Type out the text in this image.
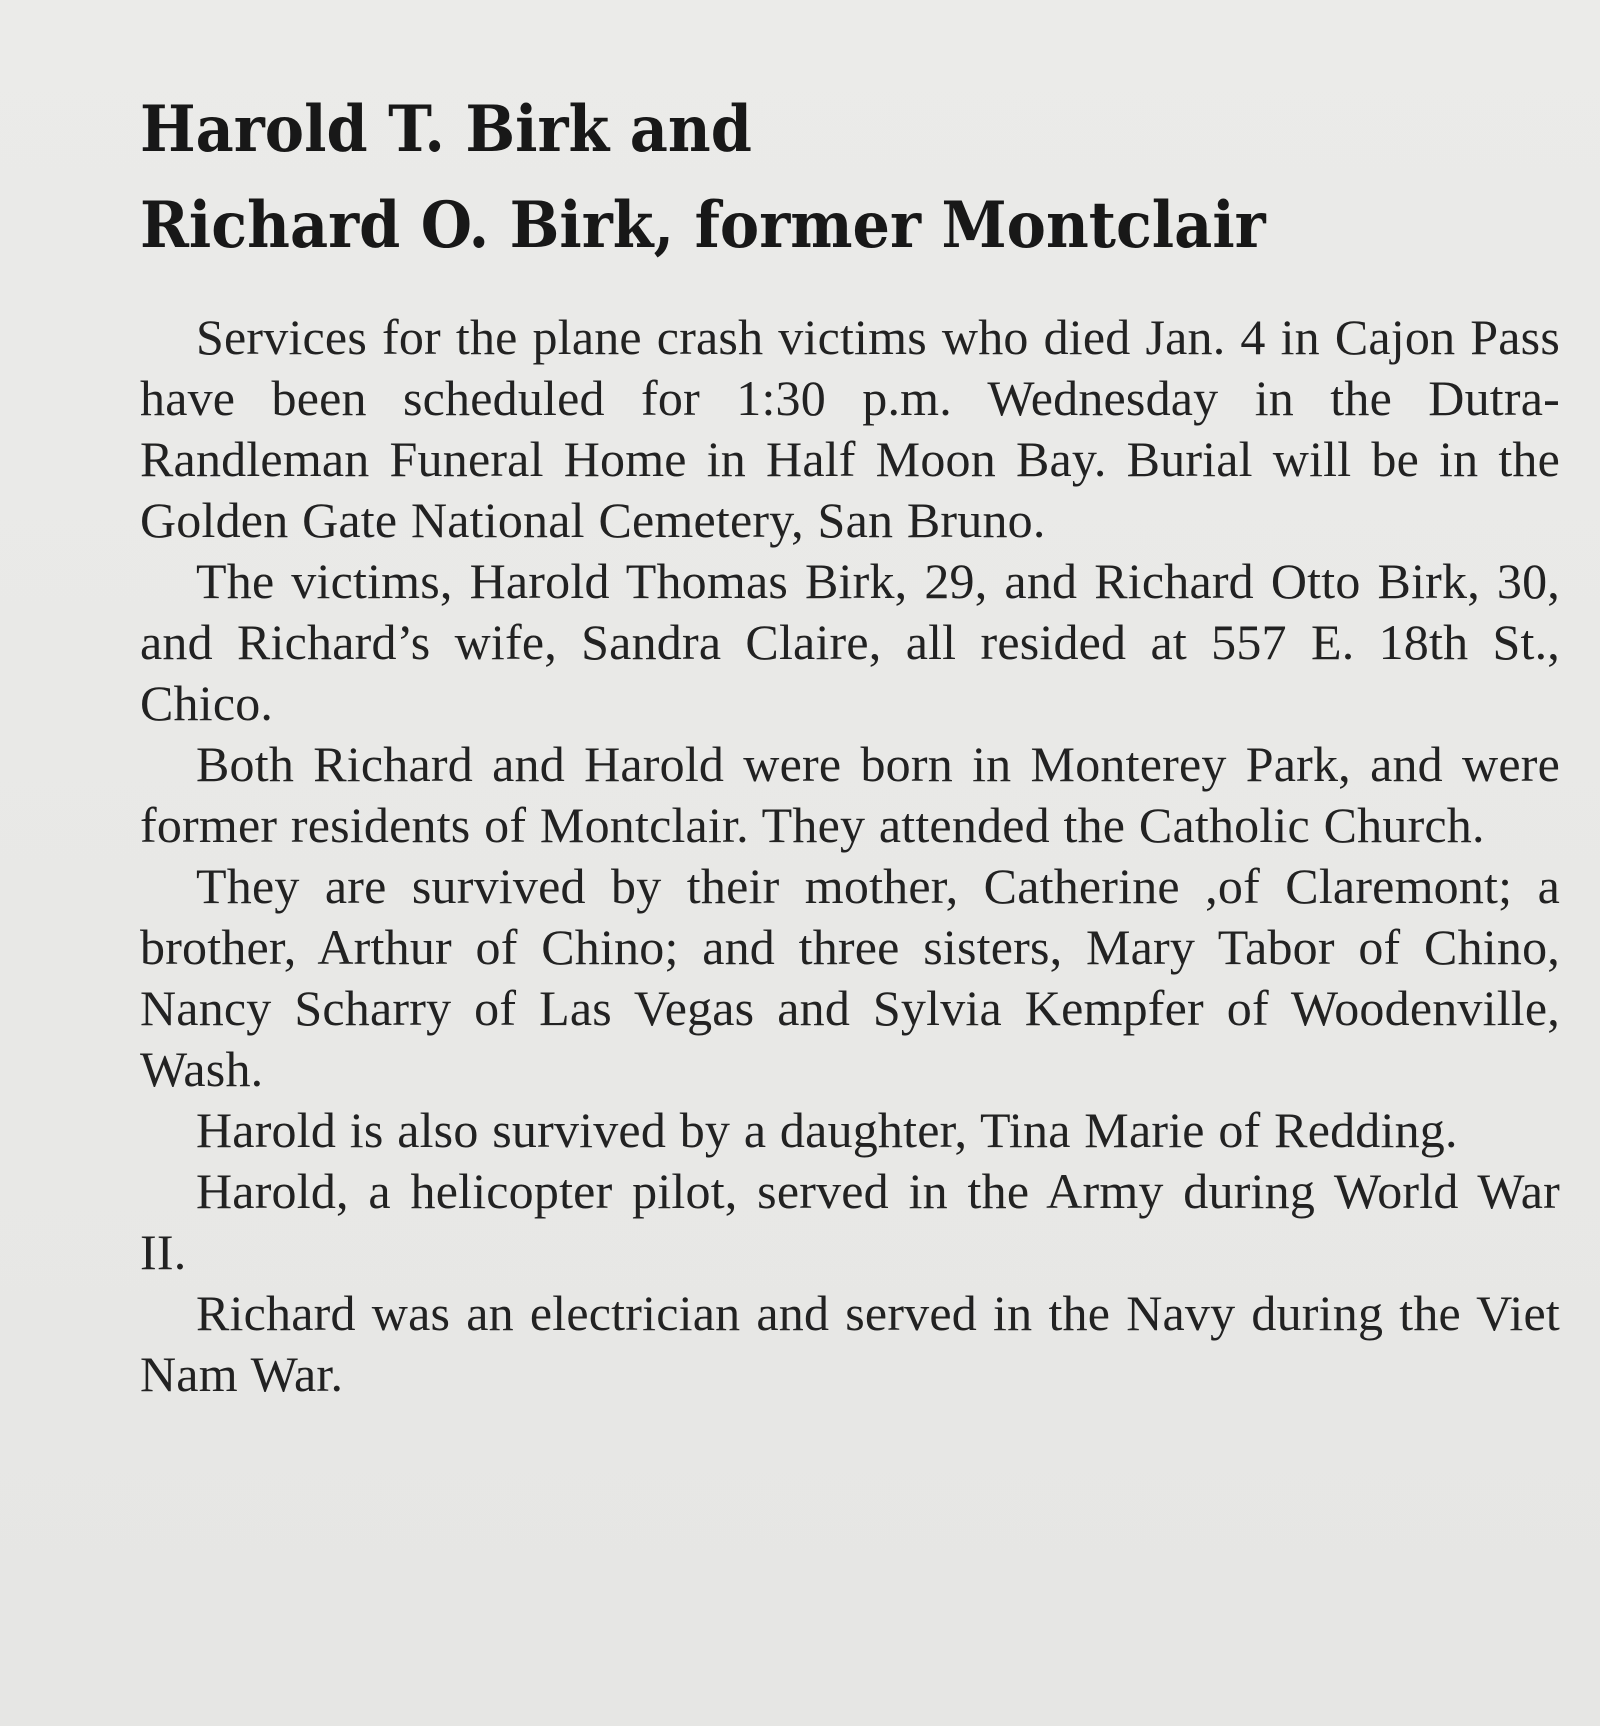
Harold T. Birk and
Richard O. Birk, former Montclair

Services for the plane crash victims who died Jan. 4 in Cajon Pass have been scheduled for 1:30 p.m. Wednesday in the Dutra-Randleman Funeral Home in Half Moon Bay. Burial will be in the Golden Gate National Cemetery, San Bruno.

The victims, Harold Thomas Birk, 29, and Richard Otto Birk, 30, and Richard’s wife, Sandra Claire, all resided at 557 E. 18th St., Chico.

Both Richard and Harold were born in Monterey Park, and were former residents of Montclair. They attended the Catholic Church.

They are survived by their mother, Catherine ,of Claremont; a brother, Arthur of Chino; and three sisters, Mary Tabor of Chino, Nancy Scharry of Las Vegas and Sylvia Kempfer of Woodenville, Wash.

Harold is also survived by a daughter, Tina Marie of Redding.

Harold, a helicopter pilot, served in the Army during World War II.

Richard was an electrician and served in the Navy during the Viet Nam War.
